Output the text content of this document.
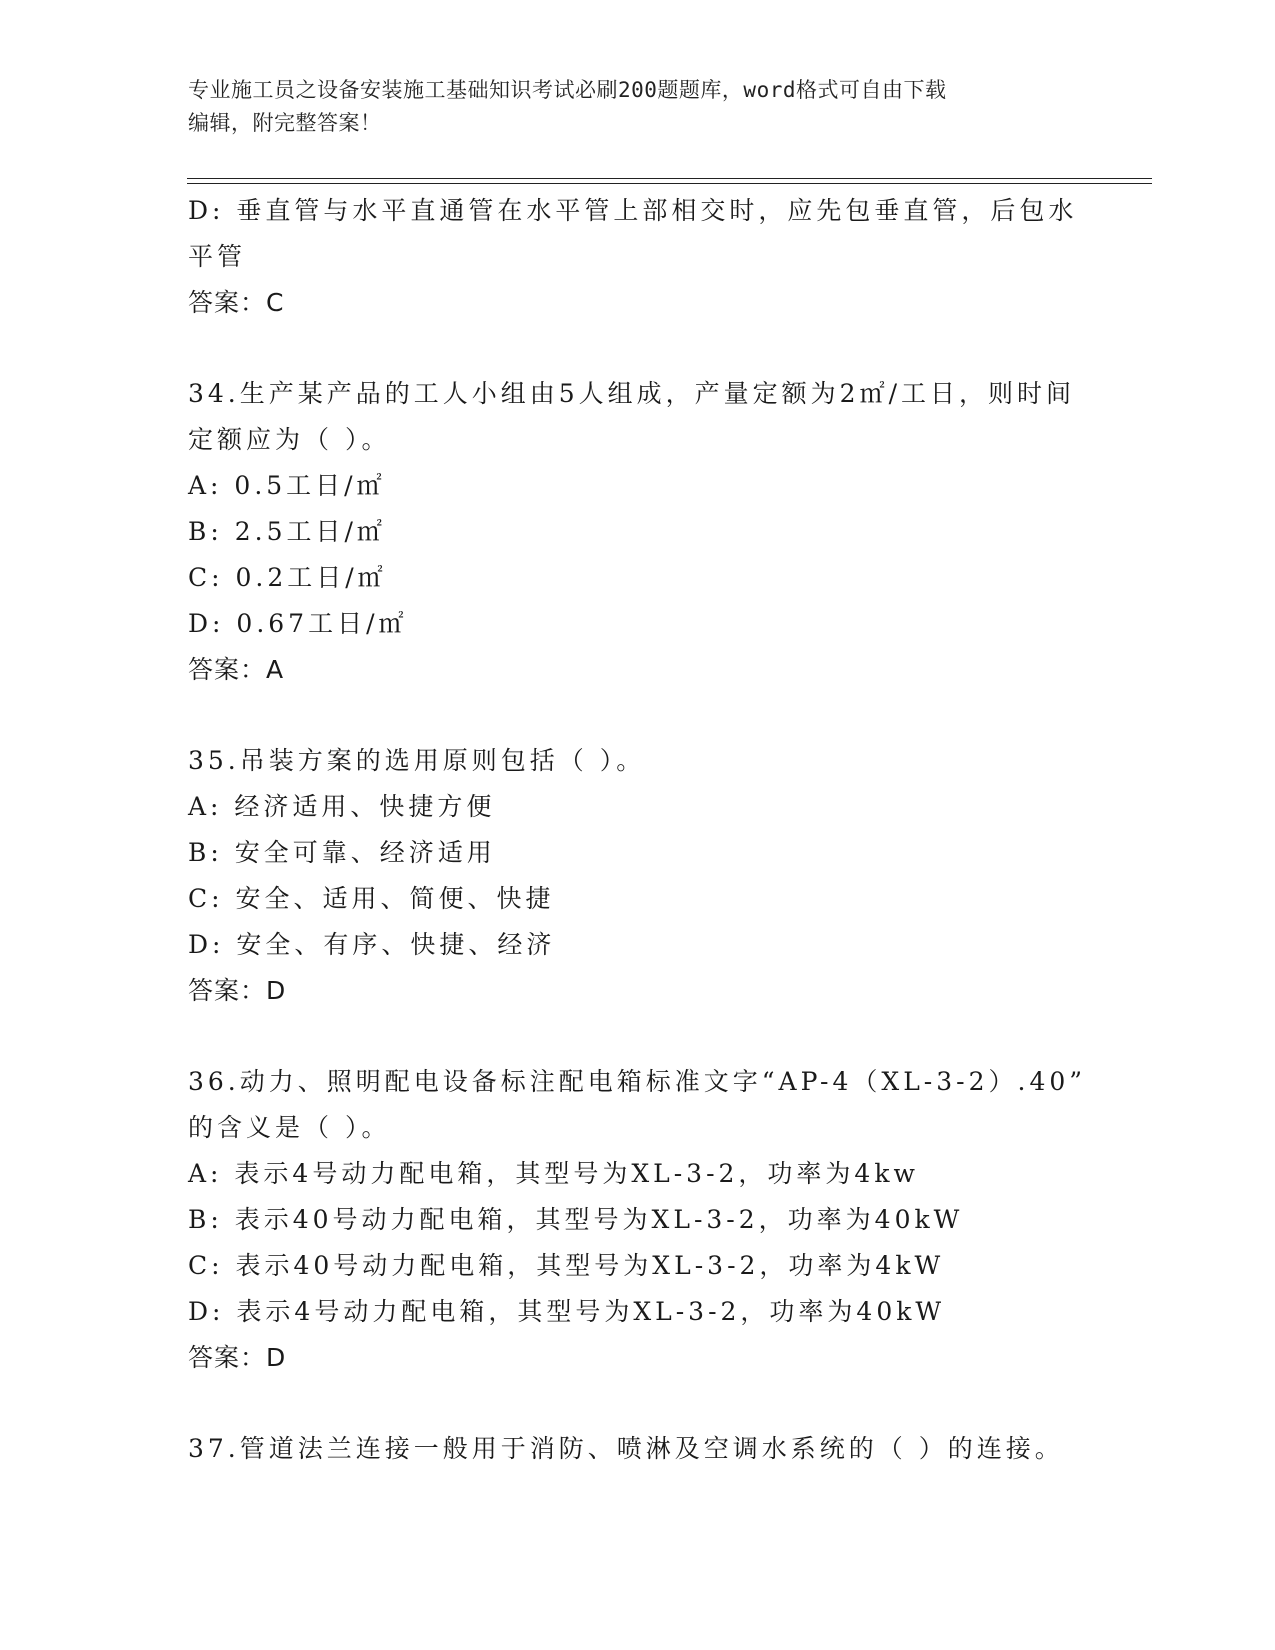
专业施工员之设备安装施工基础知识考试必刷200题题库，word格式可自由下载
编辑，附完整答案！
D: 垂直管与水平直通管在水平管上部相交时，应先包垂直管，后包水
平管
答案：C
34.生产某产品的工人小组由5人组成，产量定额为2㎡/工日，则时间
定额应为（ ）。
A: 0.5工日/㎡
B: 2.5工日/㎡
C: 0.2工日/㎡
D: 0.67工日/㎡
答案：A
35.吊装方案的选用原则包括（ ）。
A: 经济适用、快捷方便
B: 安全可靠、经济适用
C: 安全、适用、简便、快捷
D: 安全、有序、快捷、经济
答案：D
36.动力、照明配电设备标注配电箱标准文字“AP-4（XL-3-2）.40”
的含义是（ ）。
A: 表示4号动力配电箱，其型号为XL-3-2，功率为4kw
B: 表示40号动力配电箱，其型号为XL-3-2，功率为40kW
C: 表示40号动力配电箱，其型号为XL-3-2，功率为4kW
D: 表示4号动力配电箱，其型号为XL-3-2，功率为40kW
答案：D
37.管道法兰连接一般用于消防、喷淋及空调水系统的（ ）的连接。
